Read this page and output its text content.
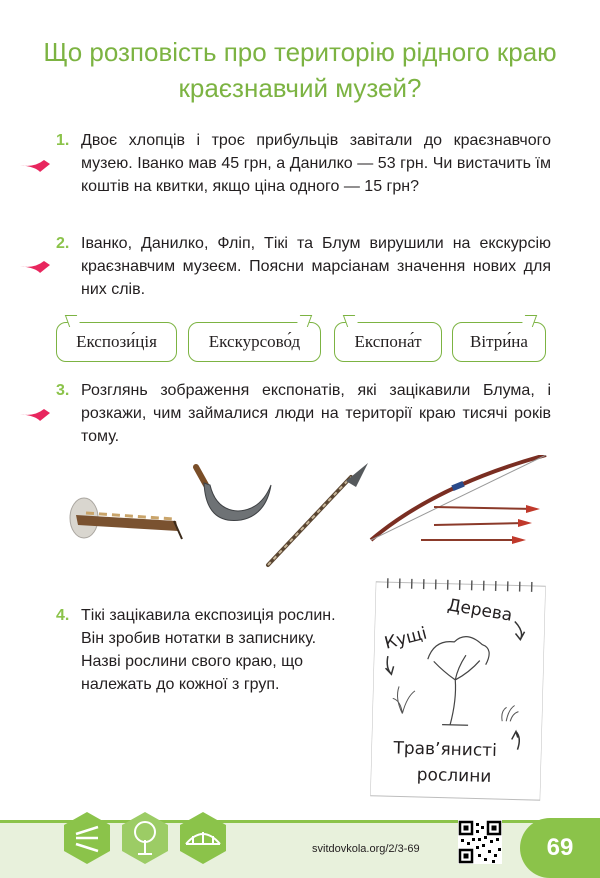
Що розповість про територію рідного краю краєзнавчий музей?
1. Двоє хлопців і троє прибульців завітали до краєзнавчого музею. Іванко мав 45 грн, а Данилко — 53 грн. Чи вистачить їм коштів на квитки, якщо ціна одного — 15 грн?

2. Іванко, Данилко, Фліп, Тікі та Блум вирушили на екскурсію краєзнавчим музеєм. Поясни марсіанам значення нових для них слів.

Експози́ція	Екскурсово́д	Експона́т	Вітри́на
3. Розглянь зображення експонатів, які зацікавили Блума, і розкажи, чим займалися люди на території краю тисячі років тому.

4. Тікі зацікавила експозиція рослин. Він зробив нотатки в записнику. Назві рослини свого краю, що належать до кожної з груп.

Дерева
Кущі
Трав’янисті
рослини
svitdovkola.org/2/3-69	69
